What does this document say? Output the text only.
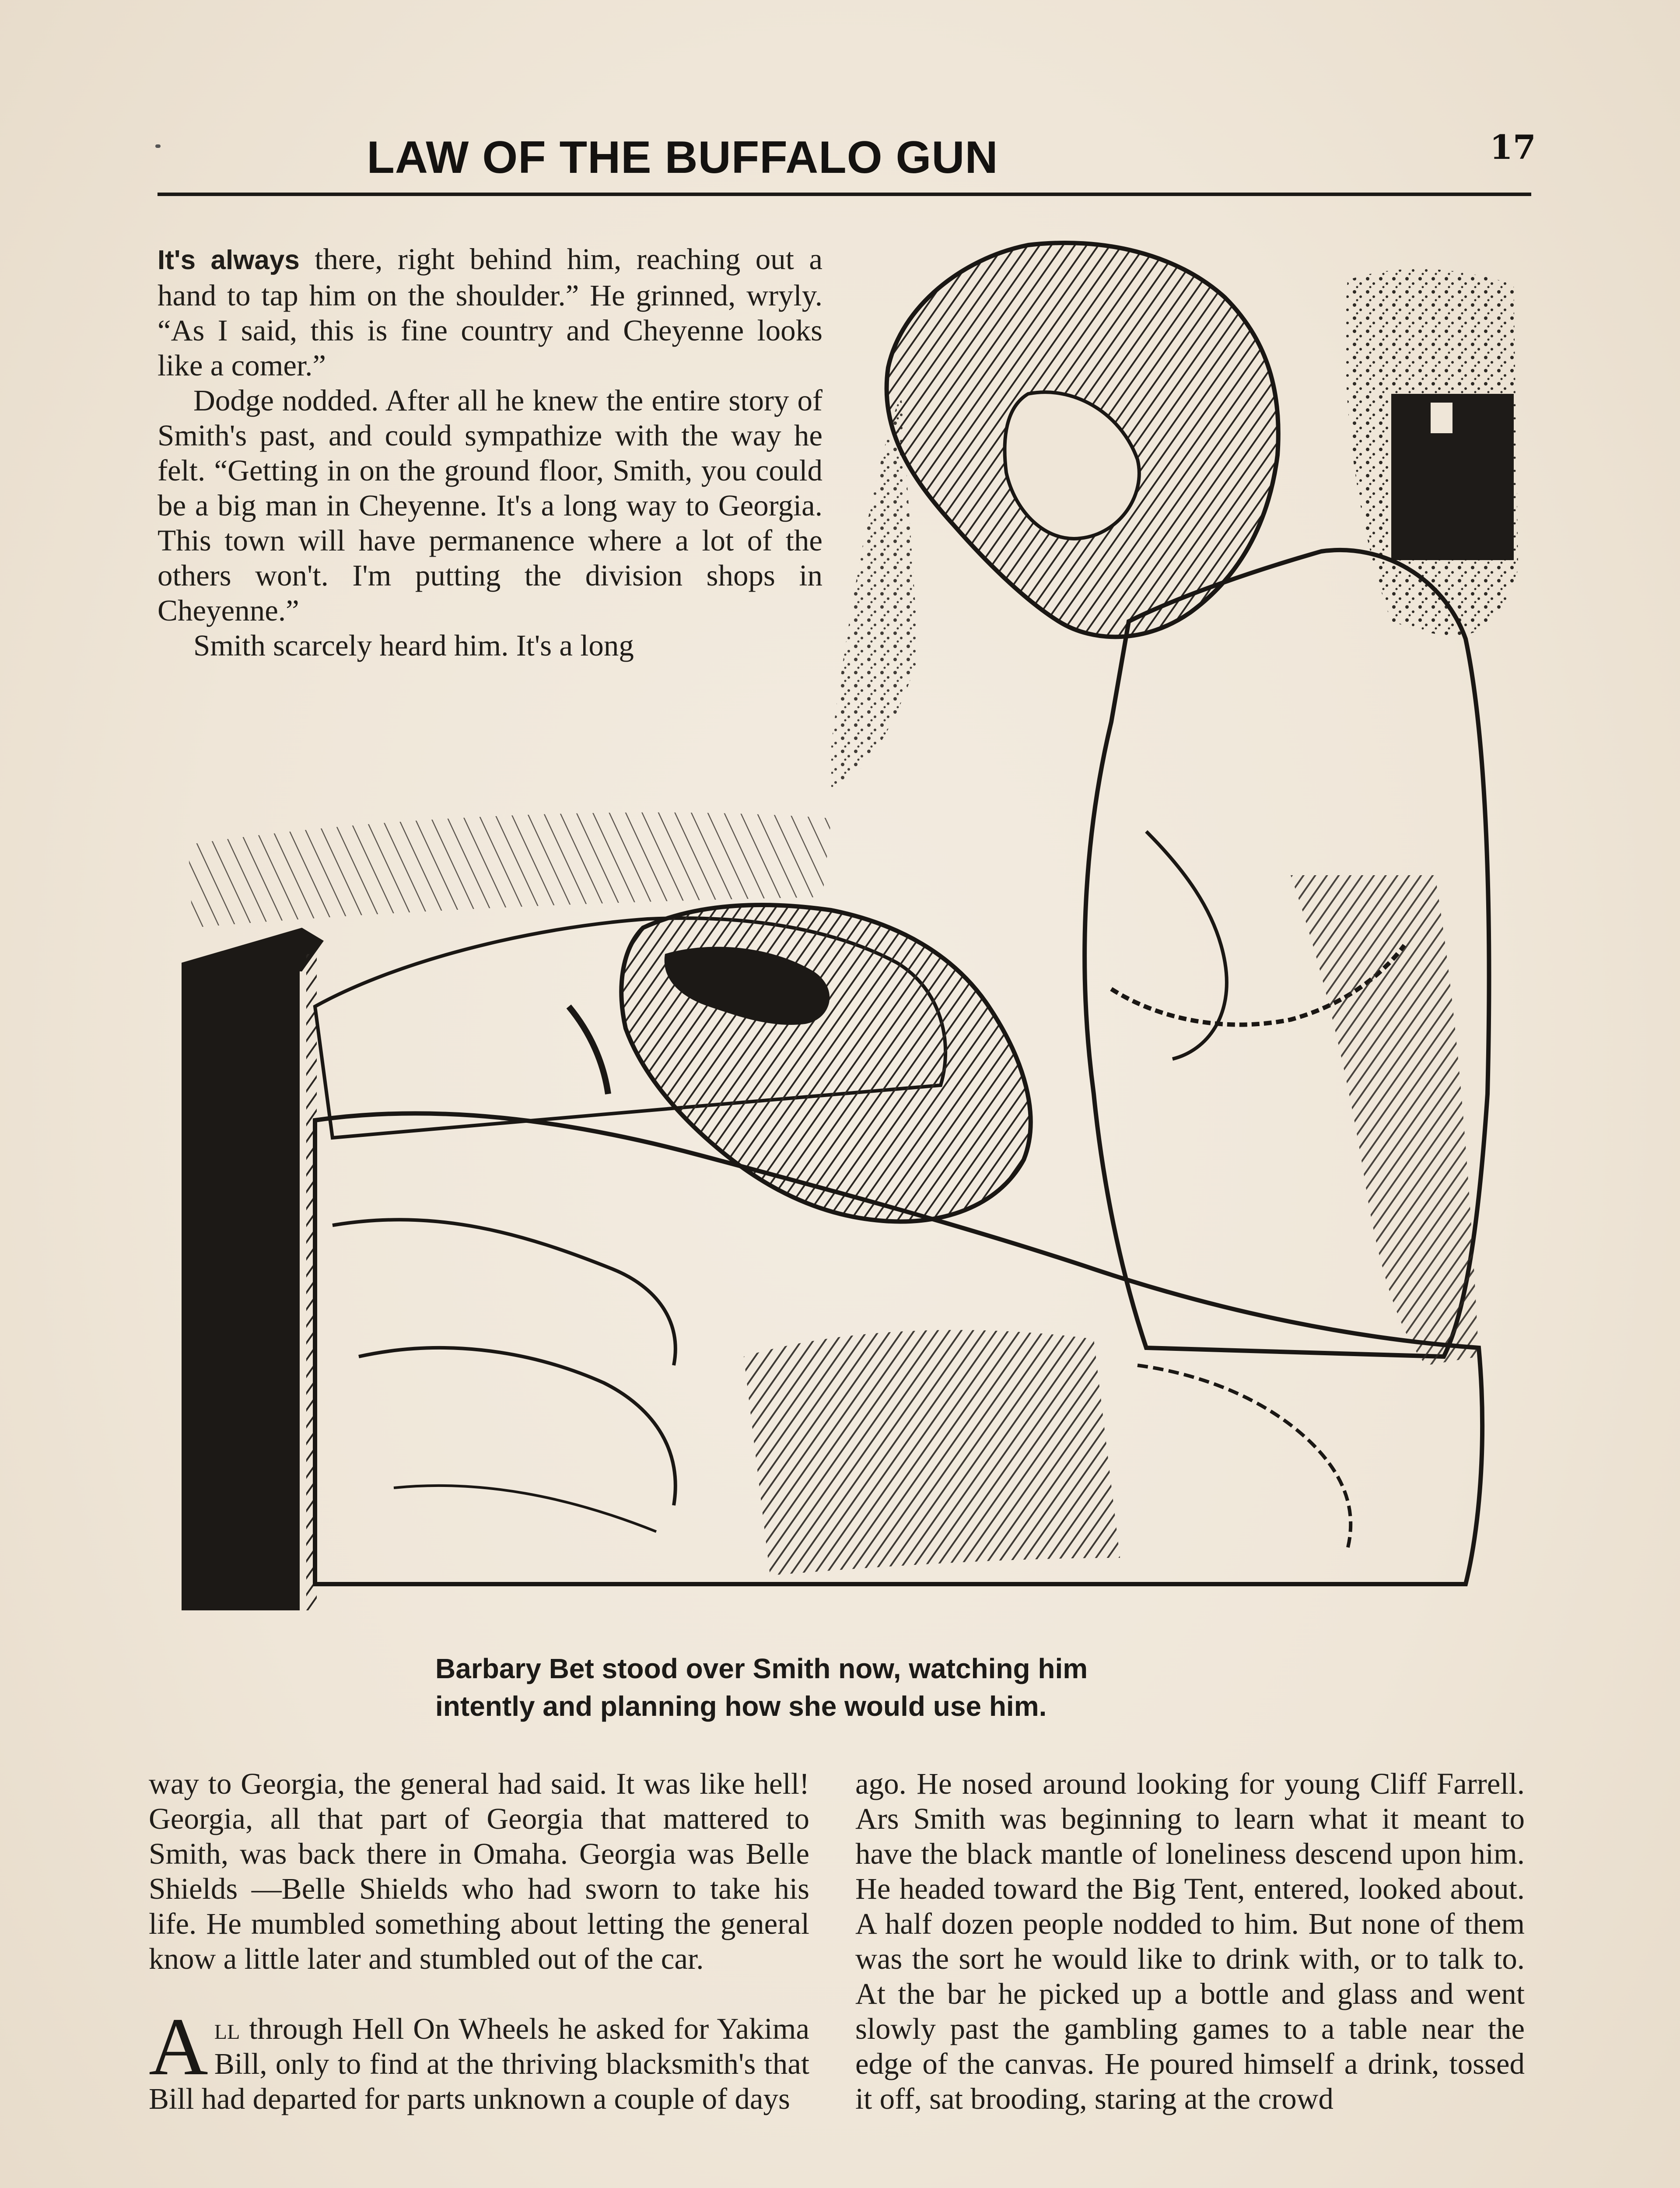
LAW OF THE BUFFALO GUN	17

It's always there, right behind him, reaching out a hand to tap him on the shoulder.” He grinned, wryly. “As I said, this is fine country and Cheyenne looks like a comer.”

Dodge nodded. After all he knew the entire story of Smith's past, and could sympathize with the way he felt. “Getting in on the ground floor, Smith, you could be a big man in Cheyenne. It's a long way to Georgia. This town will have permanence where a lot of the others won't. I'm putting the division shops in Cheyenne.”

Smith scarcely heard him. It's a long

Barbary Bet stood over Smith now, watching him intently and planning how she would use him.

way to Georgia, the general had said. It was like hell! Georgia, all that part of Georgia that mattered to Smith, was back there in Omaha. Georgia was Belle Shields —Belle Shields who had sworn to take his life. He mumbled something about letting the general know a little later and stumbled out of the car.

All through Hell On Wheels he asked for Yakima Bill, only to find at the thriving blacksmith's that Bill had departed for parts unknown a couple of days

ago. He nosed around looking for young Cliff Farrell. Ars Smith was beginning to learn what it meant to have the black mantle of loneliness descend upon him. He headed toward the Big Tent, entered, looked about. A half dozen people nodded to him. But none of them was the sort he would like to drink with, or to talk to. At the bar he picked up a bottle and glass and went slowly past the gambling games to a table near the edge of the canvas. He poured himself a drink, tossed it off, sat brooding, staring at the crowd
